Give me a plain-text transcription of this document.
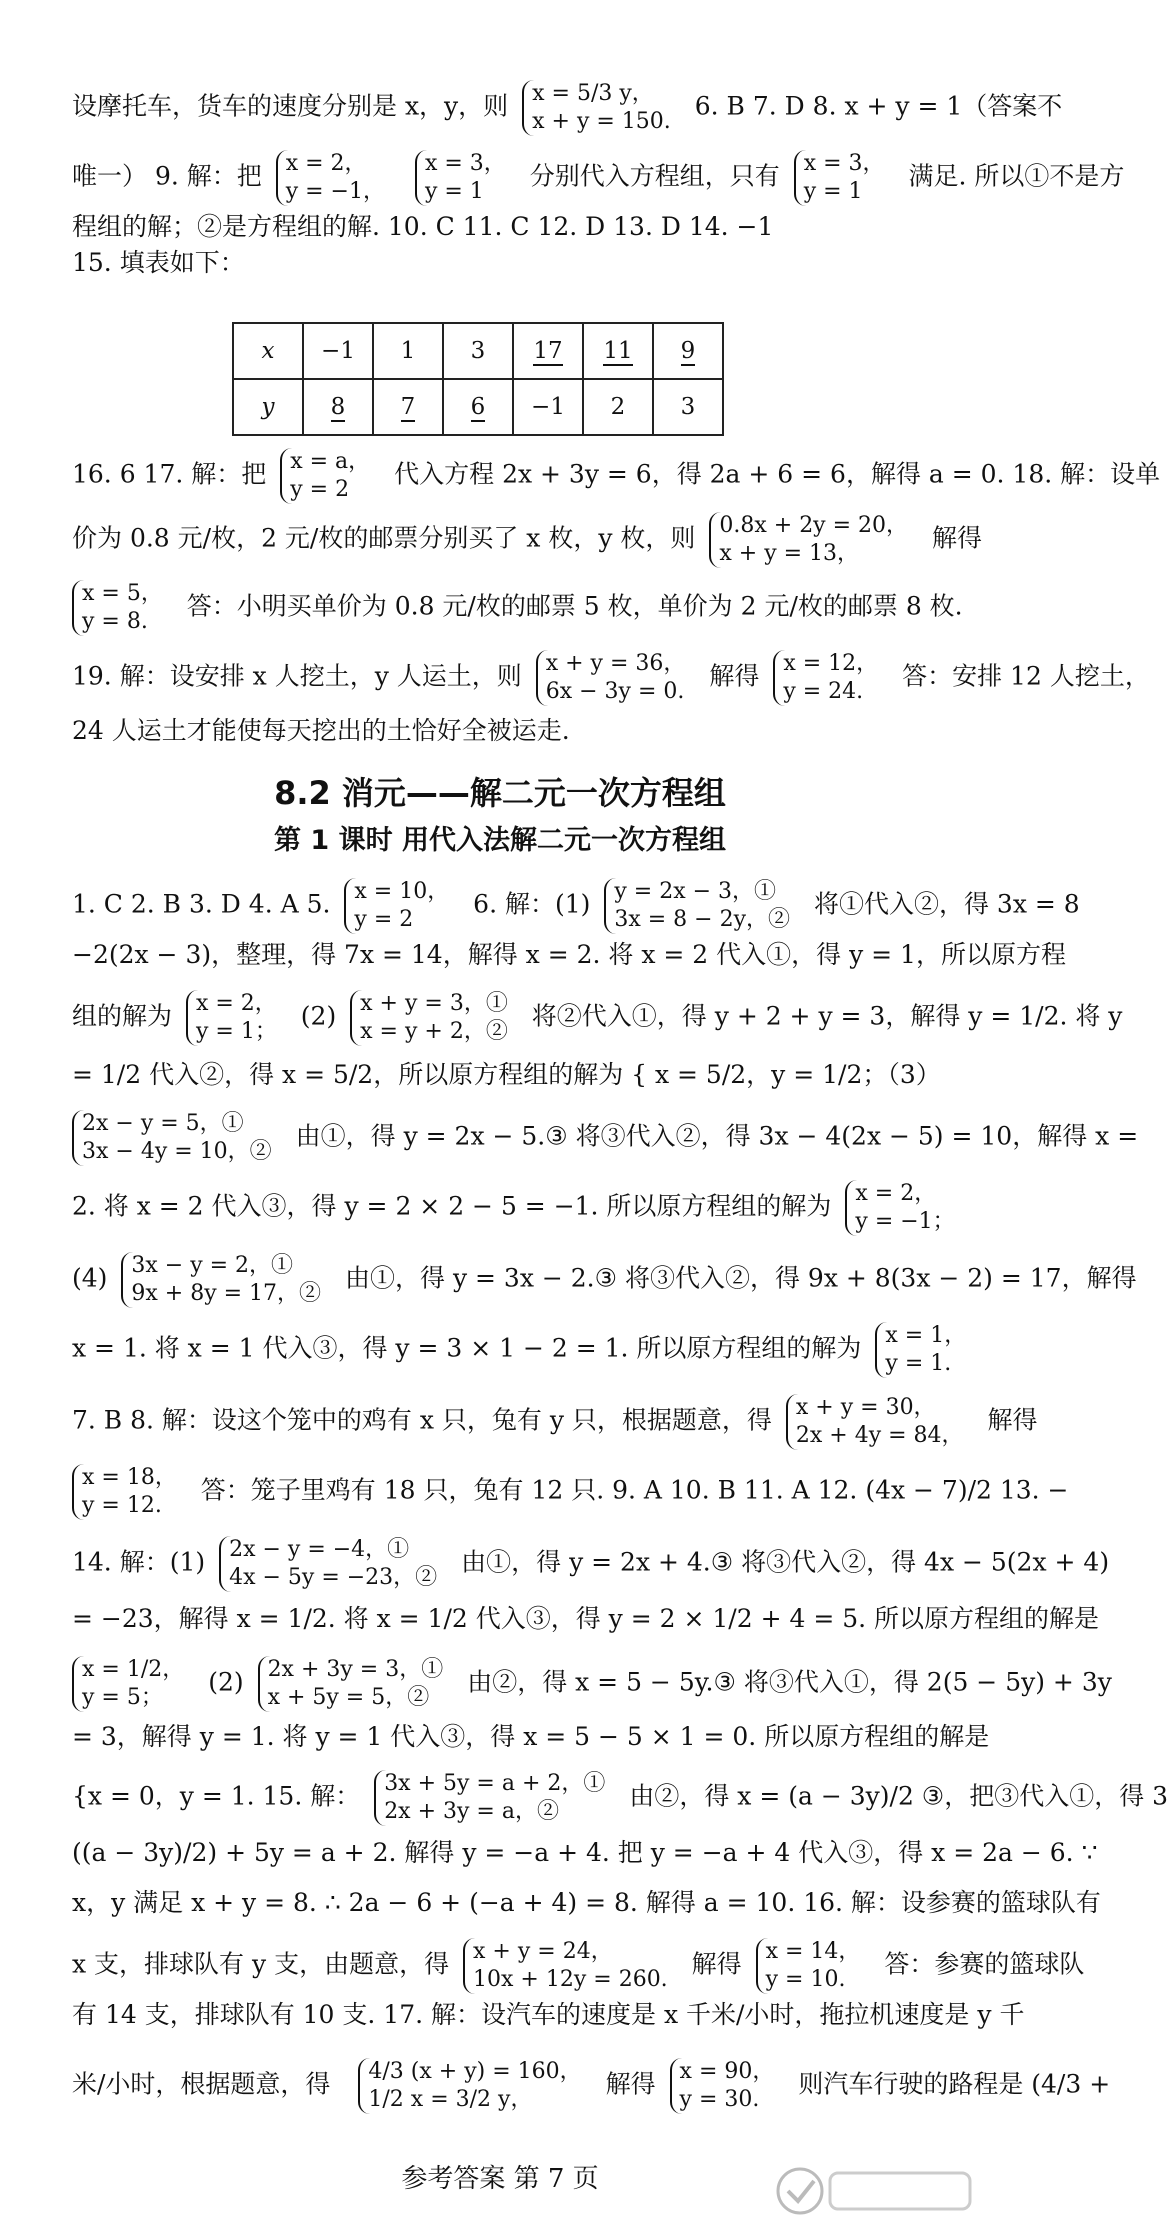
设摩托车，货车的速度分别是 x，y，则 x = 5/3 y，
x + y = 150.
6. B 7. D 8. x + y = 1（答案不
唯一） 9. 解：把 x = 2，
y = −1，

x = 3，
y = 1
分别代入方程组，只有 x = 3，
y = 1
满足. 所以①不是方
程组的解；②是方程组的解. 10. C 11. C 12. D 13. D 14. −1
15. 填表如下：
x	−1	1	3	17	11	9
y	8	7	6	−1	2	3
16. 6 17. 解：把 x = a，
y = 2
代入方程 2x + 3y = 6，得 2a + 6 = 6，解得 a = 0. 18. 解：设单
价为 0.8 元/枚，2 元/枚的邮票分别买了 x 枚，y 枚，则 0.8x + 2y = 20，
x + y = 13，
解得
x = 5，
y = 8.
答：小明买单价为 0.8 元/枚的邮票 5 枚，单价为 2 元/枚的邮票 8 枚.
19. 解：设安排 x 人挖土，y 人运土，则 x + y = 36，
6x − 3y = 0.
解得 x = 12，
y = 24.
答：安排 12 人挖土，
24 人运土才能使每天挖出的土恰好全被运走.
8.2 消元——解二元一次方程组
第 1 课时 用代入法解二元一次方程组
1. C 2. B 3. D 4. A 5. x = 10，
y = 2
6. 解：(1) y = 2x − 3，①
3x = 8 − 2y，②
将①代入②，得 3x = 8
−2(2x − 3)，整理，得 7x = 14，解得 x = 2. 将 x = 2 代入①，得 y = 1，所以原方程
组的解为 x = 2，
y = 1；
(2) x + y = 3，①
x = y + 2，②
将②代入①，得 y + 2 + y = 3，解得 y = 1/2. 将 y
= 1/2 代入②，得 x = 5/2，所以原方程组的解为 { x = 5/2，y = 1/2；（3）
2x − y = 5，①
3x − 4y = 10，②
由①，得 y = 2x − 5.③ 将③代入②，得 3x − 4(2x − 5) = 10，解得 x =
2. 将 x = 2 代入③，得 y = 2 × 2 − 5 = −1. 所以原方程组的解为 x = 2，
y = −1；
(4) 3x − y = 2，①
9x + 8y = 17，②
由①，得 y = 3x − 2.③ 将③代入②，得 9x + 8(3x − 2) = 17，解得
x = 1. 将 x = 1 代入③，得 y = 3 × 1 − 2 = 1. 所以原方程组的解为 x = 1，
y = 1.
7. B 8. 解：设这个笼中的鸡有 x 只，兔有 y 只，根据题意，得 x + y = 30，
2x + 4y = 84，
解得
x = 18，
y = 12.
答：笼子里鸡有 18 只，兔有 12 只. 9. A 10. B 11. A 12. (4x − 7)/2 13. −
14. 解：(1) 2x − y = −4，①
4x − 5y = −23，②
由①，得 y = 2x + 4.③ 将③代入②，得 4x − 5(2x + 4)
= −23，解得 x = 1/2. 将 x = 1/2 代入③，得 y = 2 × 1/2 + 4 = 5. 所以原方程组的解是
x = 1/2，
y = 5；
(2) 2x + 3y = 3，①
x + 5y = 5，②
由②，得 x = 5 − 5y.③ 将③代入①，得 2(5 − 5y) + 3y
= 3，解得 y = 1. 将 y = 1 代入③，得 x = 5 − 5 × 1 = 0. 所以原方程组的解是
{x = 0，y = 1. 15. 解： 3x + 5y = a + 2，①
2x + 3y = a，②
由②，得 x = (a − 3y)/2 ③，把③代入①，得 3
((a − 3y)/2) + 5y = a + 2. 解得 y = −a + 4. 把 y = −a + 4 代入③，得 x = 2a − 6. ∵
x，y 满足 x + y = 8. ∴ 2a − 6 + (−a + 4) = 8. 解得 a = 10. 16. 解：设参赛的篮球队有
x 支，排球队有 y 支，由题意，得 x + y = 24，
10x + 12y = 260.
解得 x = 14，
y = 10.
答：参赛的篮球队
有 14 支，排球队有 10 支. 17. 解：设汽车的速度是 x 千米/小时，拖拉机速度是 y 千
米/小时，根据题意，得 4/3 (x + y) = 160，
1/2 x = 3/2 y，
解得 x = 90，
y = 30.
则汽车行驶的路程是 (4/3 +
参考答案 第 7 页
